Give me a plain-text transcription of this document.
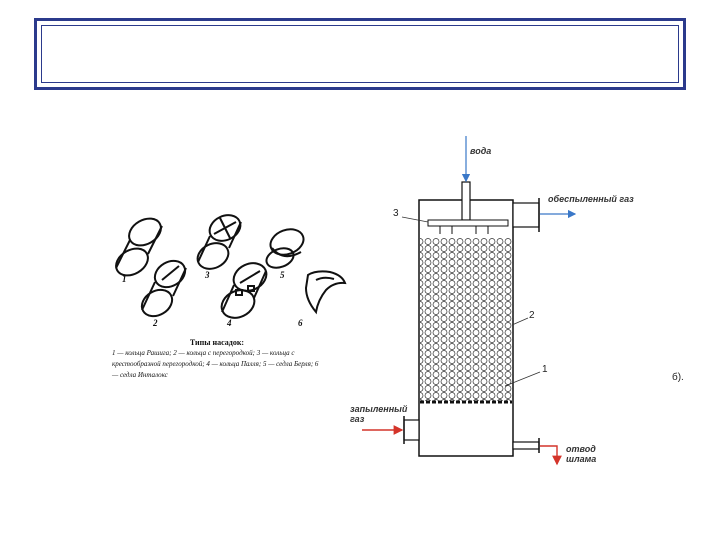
1
2
3
4
5
6
Типы насадок:
1 — кольца Рашига; 2 — кольца с перегородкой; 3 — кольца с крестообразной перегородкой; 4 — кольца Палля; 5 — седла Берля; 6 — седла Инталокс
вода
обеспыленный газ
запыленный газ
отвод шлама
3
2
1
б).
